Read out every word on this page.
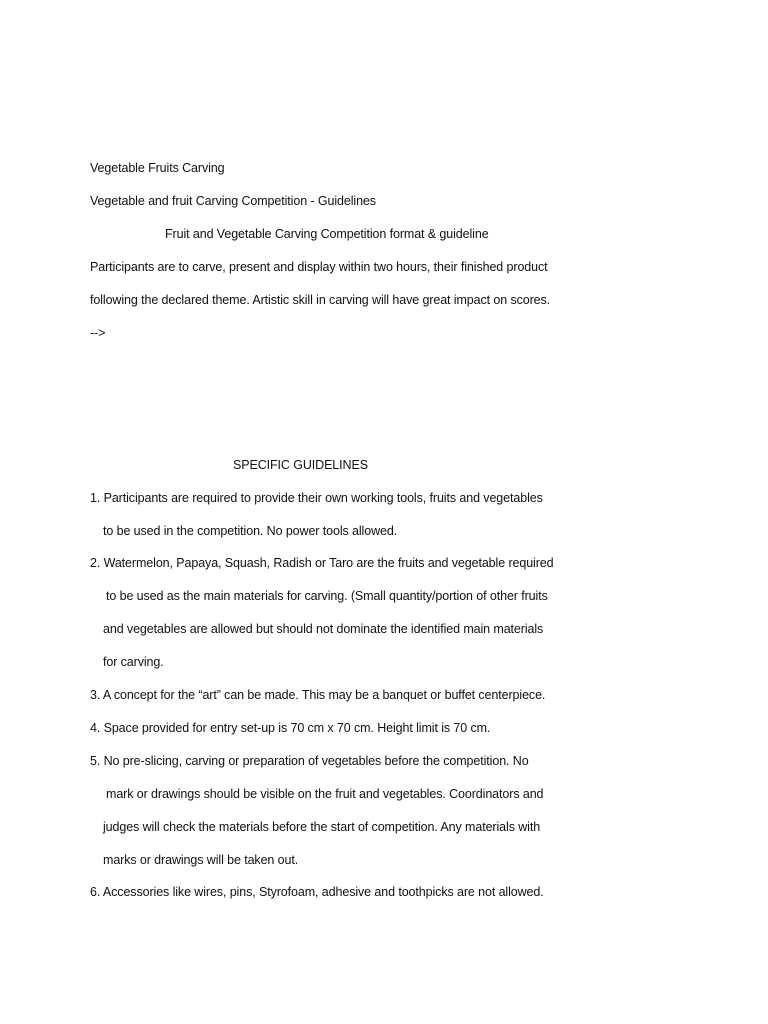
Vegetable Fruits Carving
Vegetable and fruit Carving Competition - Guidelines
Fruit and Vegetable Carving Competition format & guideline
Participants are to carve, present and display within two hours, their finished product
following the declared theme. Artistic skill in carving will have great impact on scores.
-->
SPECIFIC GUIDELINES
1. Participants are required to provide their own working tools, fruits and vegetables
to be used in the competition. No power tools allowed.
2. Watermelon, Papaya, Squash, Radish or Taro are the fruits and vegetable required
to be used as the main materials for carving. (Small quantity/portion of other fruits
and vegetables are allowed but should not dominate the identified main materials
for carving.
3. A concept for the “art” can be made. This may be a banquet or buffet centerpiece.
4. Space provided for entry set-up is 70 cm x 70 cm. Height limit is 70 cm.
5. No pre-slicing, carving or preparation of vegetables before the competition. No
mark or drawings should be visible on the fruit and vegetables. Coordinators and
judges will check the materials before the start of competition. Any materials with
marks or drawings will be taken out.
6. Accessories like wires, pins, Styrofoam, adhesive and toothpicks are not allowed.
